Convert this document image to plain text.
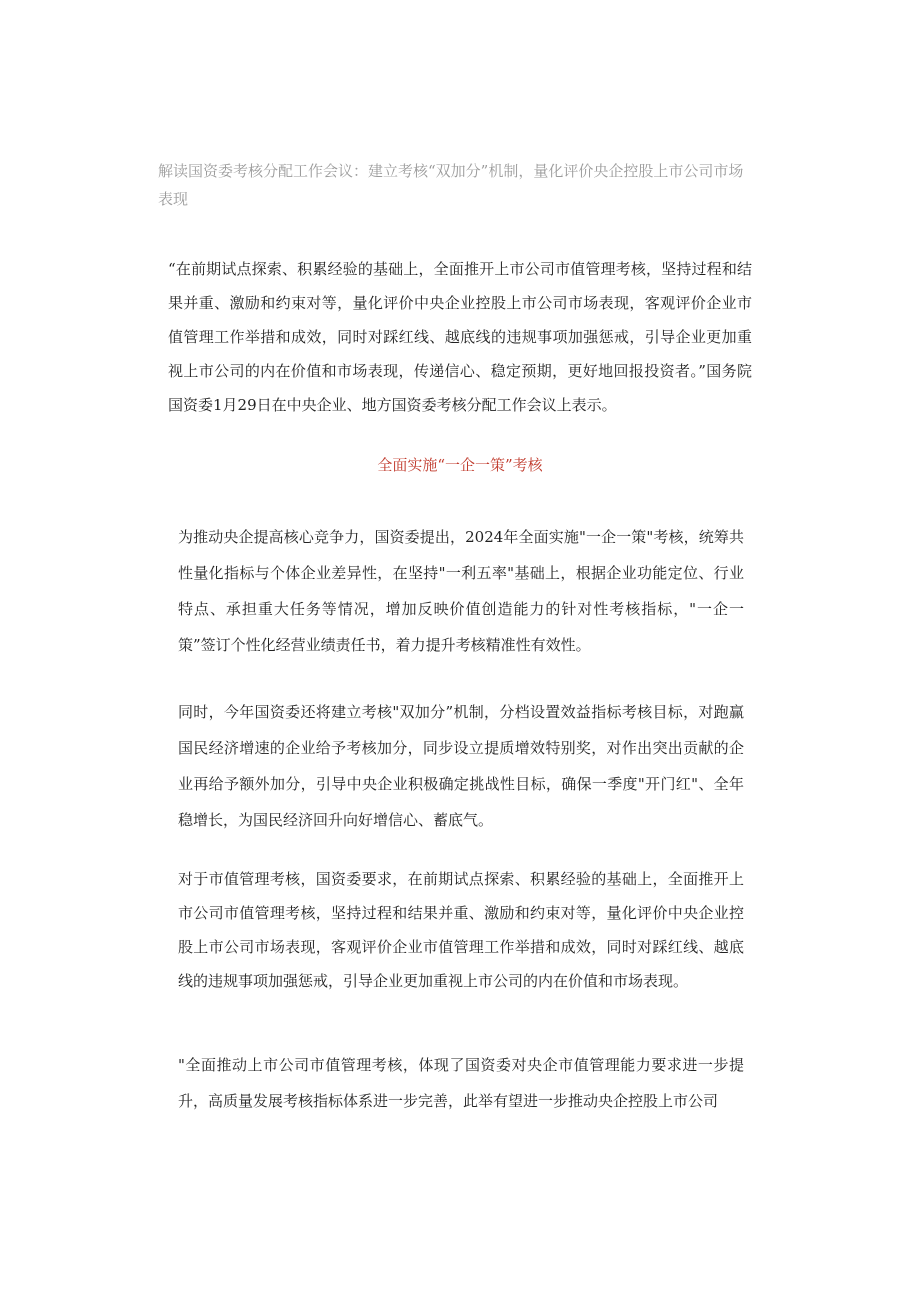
解读国资委考核分配工作会议：建立考核“双加分”机制，量化评价央企控股上市公司市场表现

“在前期试点探索、积累经验的基础上，全面推开上市公司市值管理考核，坚持过程和结果并重、激励和约束对等，量化评价中央企业控股上市公司市场表现，客观评价企业市值管理工作举措和成效，同时对踩红线、越底线的违规事项加强惩戒，引导企业更加重视上市公司的内在价值和市场表现，传递信心、稳定预期，更好地回报投资者。”国务院国资委1月29日在中央企业、地方国资委考核分配工作会议上表示。

全面实施“一企一策”考核

为推动央企提高核心竞争力，国资委提出，2024年全面实施"一企一策"考核，统筹共性量化指标与个体企业差异性，在坚持"一利五率"基础上，根据企业功能定位、行业特点、承担重大任务等情况，增加反映价值创造能力的针对性考核指标，"一企一策”签订个性化经营业绩责任书，着力提升考核精准性有效性。

同时，今年国资委还将建立考核"双加分”机制，分档设置效益指标考核目标，对跑赢国民经济增速的企业给予考核加分，同步设立提质增效特别奖，对作出突出贡献的企业再给予额外加分，引导中央企业积极确定挑战性目标，确保一季度"开门红"、全年稳增长，为国民经济回升向好增信心、蓄底气。

对于市值管理考核，国资委要求，在前期试点探索、积累经验的基础上，全面推开上市公司市值管理考核，坚持过程和结果并重、激励和约束对等，量化评价中央企业控股上市公司市场表现，客观评价企业市值管理工作举措和成效，同时对踩红线、越底线的违规事项加强惩戒，引导企业更加重视上市公司的内在价值和市场表现。

"全面推动上市公司市值管理考核，体现了国资委对央企市值管理能力要求进一步提升，高质量发展考核指标体系进一步完善，此举有望进一步推动央企控股上市公司
